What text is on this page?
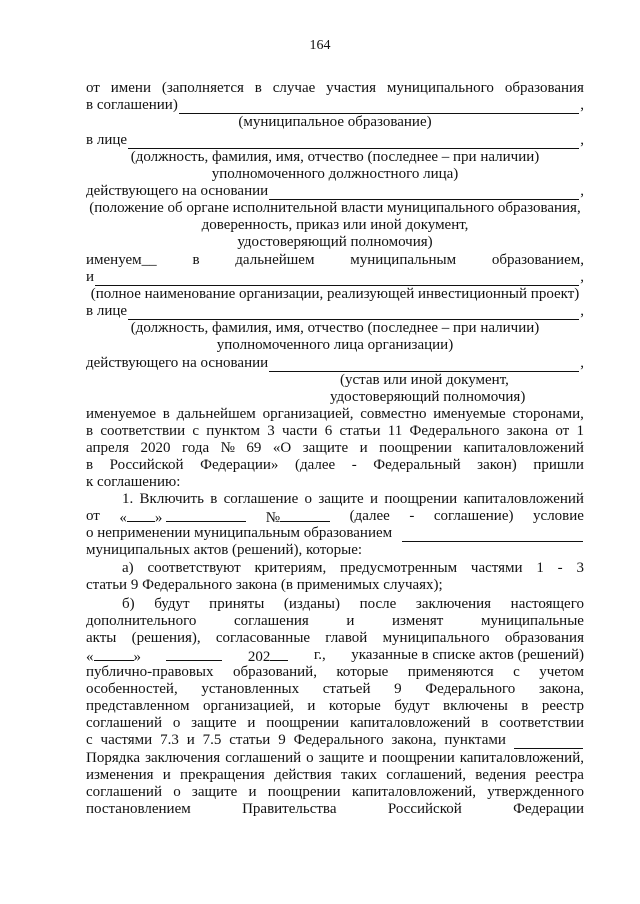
164
от имени (заполняется в случае участия муниципального образования
в соглашении)	,
(муниципальное образование)
в лице	,
(должность, фамилия, имя, отчество (последнее – при наличии)
уполномоченного должностного лица)
действующего на основании	,
(положение об органе исполнительной власти муниципального образования,
доверенность, приказ или иной документ,
удостоверяющий полномочия)
именуем__ в дальнейшем муниципальным образованием,
и	,
(полное наименование организации, реализующей инвестиционный проект)
в лице	,
(должность, фамилия, имя, отчество (последнее – при наличии)
уполномоченного лица организации)
действующего на основании	,
(устав или иной документ,
удостоверяющий полномочия)
именуемое в дальнейшем организацией, совместно именуемые сторонами,
в соответствии с пунктом 3 части 6 статьи 11 Федерального закона от 1
апреля 2020 года № 69 «О защите и поощрении капиталовложений
в Российской Федерации» (далее - Федеральный закон) пришли
к соглашению:
1. Включить в соглашение о защите и поощрении капиталовложений
от « »	№	(далее - соглашение) условие
о неприменении муниципальным образованием
муниципальных актов (решений), которые:
а) соответствуют критериям, предусмотренным частями 1 - 3
статьи 9 Федерального закона (в применимых случаях);
б) будут приняты (изданы) после заключения настоящего
дополнительного	соглашения	и	изменят	муниципальные
акты (решения), согласованные главой муниципального образования
«	»	202	г., указанные в списке актов (решений)
публично-правовых образований, которые применяются с учетом
особенностей, установленных статьей 9 Федерального закона,
представленном организацией, и которые будут включены в реестр
соглашений о защите и поощрении капиталовложений в соответствии
с частями 7.3 и 7.5 статьи 9 Федерального закона, пунктами
Порядка заключения соглашений о защите и поощрении капиталовложений,
изменения и прекращения действия таких соглашений, ведения реестра
соглашений о защите и поощрении капиталовложений, утвержденного
постановлением	Правительства	Российской	Федерации
